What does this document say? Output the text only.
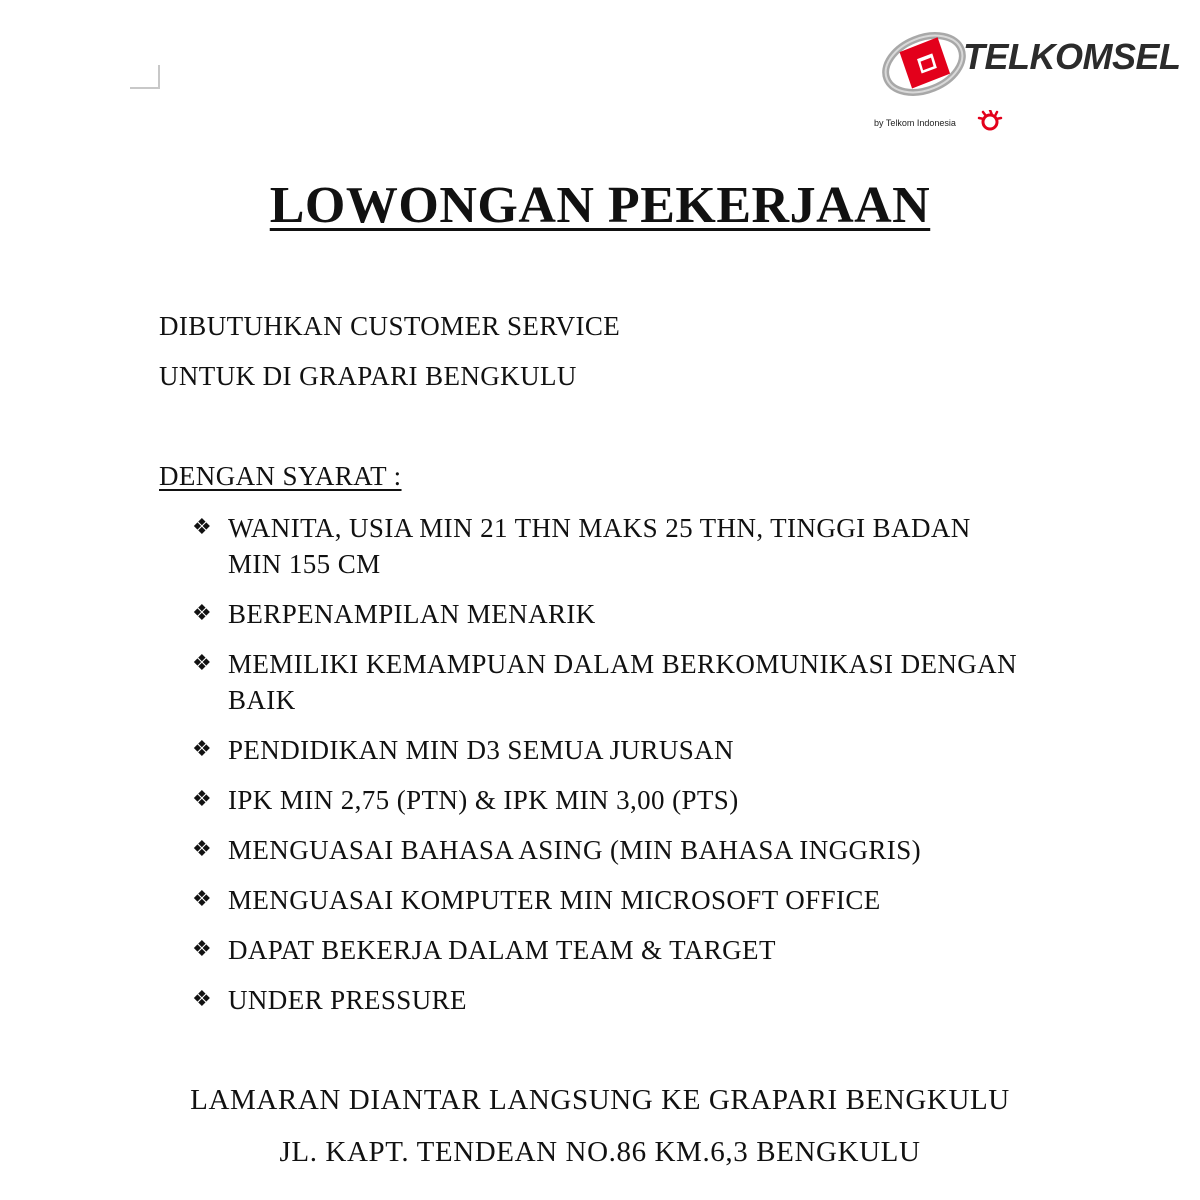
TELKOMSEL
by Telkom Indonesia
LOWONGAN PEKERJAAN
DIBUTUHKAN CUSTOMER SERVICE
UNTUK DI GRAPARI BENGKULU
DENGAN SYARAT :
❖ WANITA, USIA MIN 21 THN MAKS 25 THN, TINGGI BADAN MIN 155 CM
❖ BERPENAMPILAN MENARIK
❖ MEMILIKI KEMAMPUAN DALAM BERKOMUNIKASI DENGAN BAIK
❖ PENDIDIKAN MIN D3 SEMUA JURUSAN
❖ IPK MIN 2,75 (PTN) & IPK MIN 3,00 (PTS)
❖ MENGUASAI BAHASA ASING (MIN BAHASA INGGRIS)
❖ MENGUASAI KOMPUTER MIN MICROSOFT OFFICE
❖ DAPAT BEKERJA DALAM TEAM & TARGET
❖ UNDER PRESSURE
LAMARAN DIANTAR LANGSUNG KE GRAPARI BENGKULU
JL. KAPT. TENDEAN NO.86 KM.6,3 BENGKULU
